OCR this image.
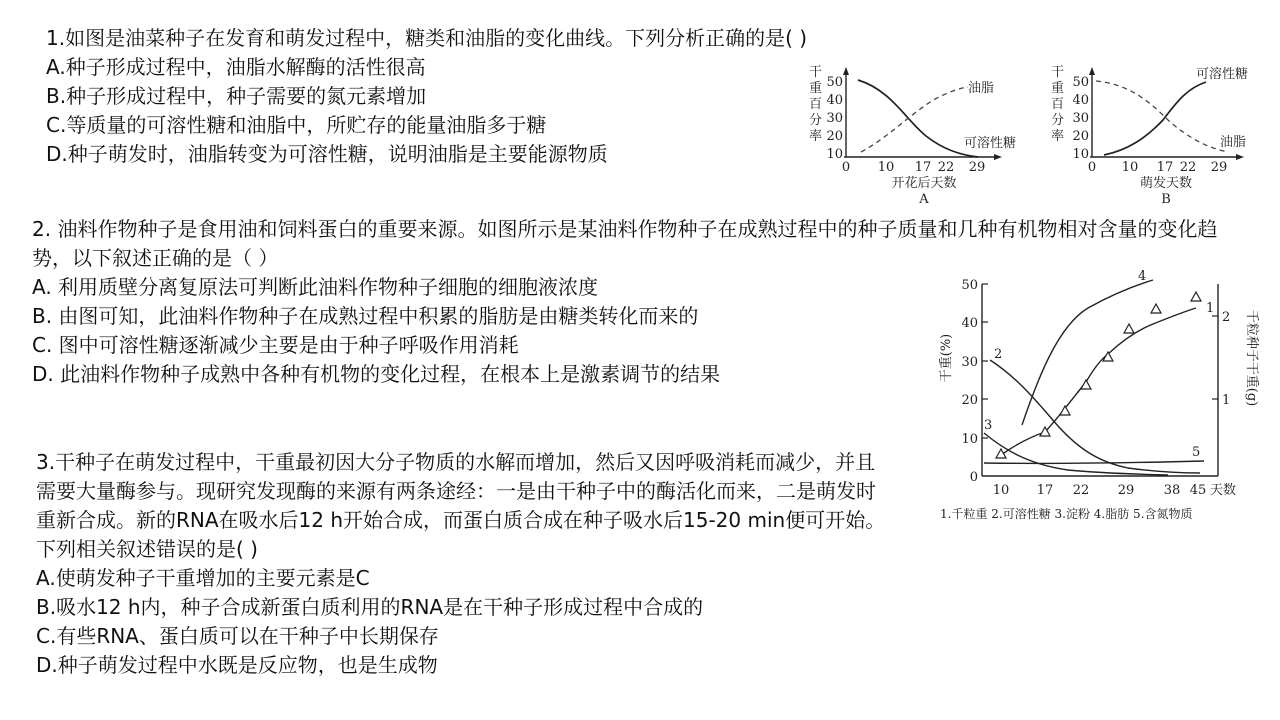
1.如图是油菜种子在发育和萌发过程中，糖类和油脂的变化曲线。下列分析正确的是( )
A.种子形成过程中，油脂水解酶的活性很高
B.种子形成过程中，种子需要的氮元素增加
C.等质量的可溶性糖和油脂中，所贮存的能量油脂多于糖
D.种子萌发时，油脂转变为可溶性糖，说明油脂是主要能源物质
干
重
百
分
率
50
40
30
20
10
0 10 17 22 29
油脂
可溶性糖
开花后天数
A
干
重
百
分
率
50
40
30
20
10
0 10 17 22 29
可溶性糖
油脂
萌发天数
B
2. 油料作物种子是食用油和饲料蛋白的重要来源。如图所示是某油料作物种子在成熟过程中的种子质量和几种有机物相对含量的变化趋势，以下叙述正确的是（ ）
A. 利用质壁分离复原法可判断此油料作物种子细胞的细胞液浓度
B. 由图可知，此油料作物种子在成熟过程中积累的脂肪是由糖类转化而来的
C. 图中可溶性糖逐渐减少主要是由于种子呼吸作用消耗
D. 此油料作物种子成熟中各种有机物的变化过程，在根本上是激素调节的结果	干重(%)	千粒种子干重(g)
50
40
30
20
10
0
2
1
10 17 22 29 38 45 天数
4
1
2
3
5
1.千粒重 2.可溶性糖 3.淀粉 4.脂肪 5.含氮物质
3.干种子在萌发过程中，干重最初因大分子物质的水解而增加，然后又因呼吸消耗而减少，并且需要大量酶参与。现研究发现酶的来源有两条途经：一是由干种子中的酶活化而来，二是萌发时重新合成。新的RNA在吸水后12 h开始合成，而蛋白质合成在种子吸水后15-20 min便可开始。下列相关叙述错误的是( )
A.使萌发种子干重增加的主要元素是C
B.吸水12 h内，种子合成新蛋白质利用的RNA是在干种子形成过程中合成的
C.有些RNA、蛋白质可以在干种子中长期保存
D.种子萌发过程中水既是反应物，也是生成物
